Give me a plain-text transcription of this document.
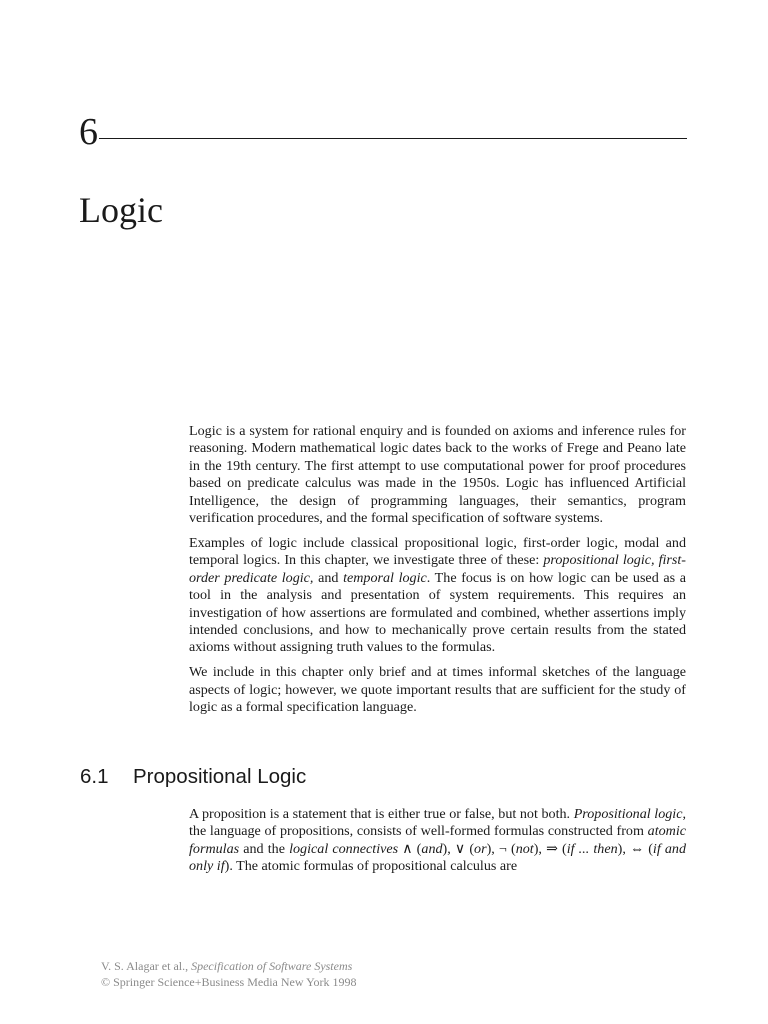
6
Logic

Logic is a system for rational enquiry and is founded on axioms and inference rules for reasoning. Modern mathematical logic dates back to the works of Frege and Peano late in the 19th century. The first attempt to use computational power for proof procedures based on predicate calculus was made in the 1950s. Logic has influenced Artificial Intelligence, the design of programming languages, their semantics, program verification procedures, and the formal specification of software systems.

Examples of logic include classical propositional logic, first-order logic, modal and temporal logics. In this chapter, we investigate three of these: propositional logic, first-order predicate logic, and temporal logic. The focus is on how logic can be used as a tool in the analysis and presentation of system requirements. This requires an investigation of how assertions are formulated and combined, whether assertions imply intended conclusions, and how to mechanically prove certain results from the stated axioms without assigning truth values to the formulas.

We include in this chapter only brief and at times informal sketches of the language aspects of logic; however, we quote important results that are sufficient for the study of logic as a formal specification language.

6.1 Propositional Logic

A proposition is a statement that is either true or false, but not both. Propositional logic, the language of propositions, consists of well-formed formulas constructed from atomic formulas and the logical connectives ∧ (and), ∨ (or), ¬ (not), ⇒ (if ... then), ⇔ (if and only if). The atomic formulas of propositional calculus are

V. S. Alagar et al., Specification of Software Systems
© Springer Science+Business Media New York 1998
